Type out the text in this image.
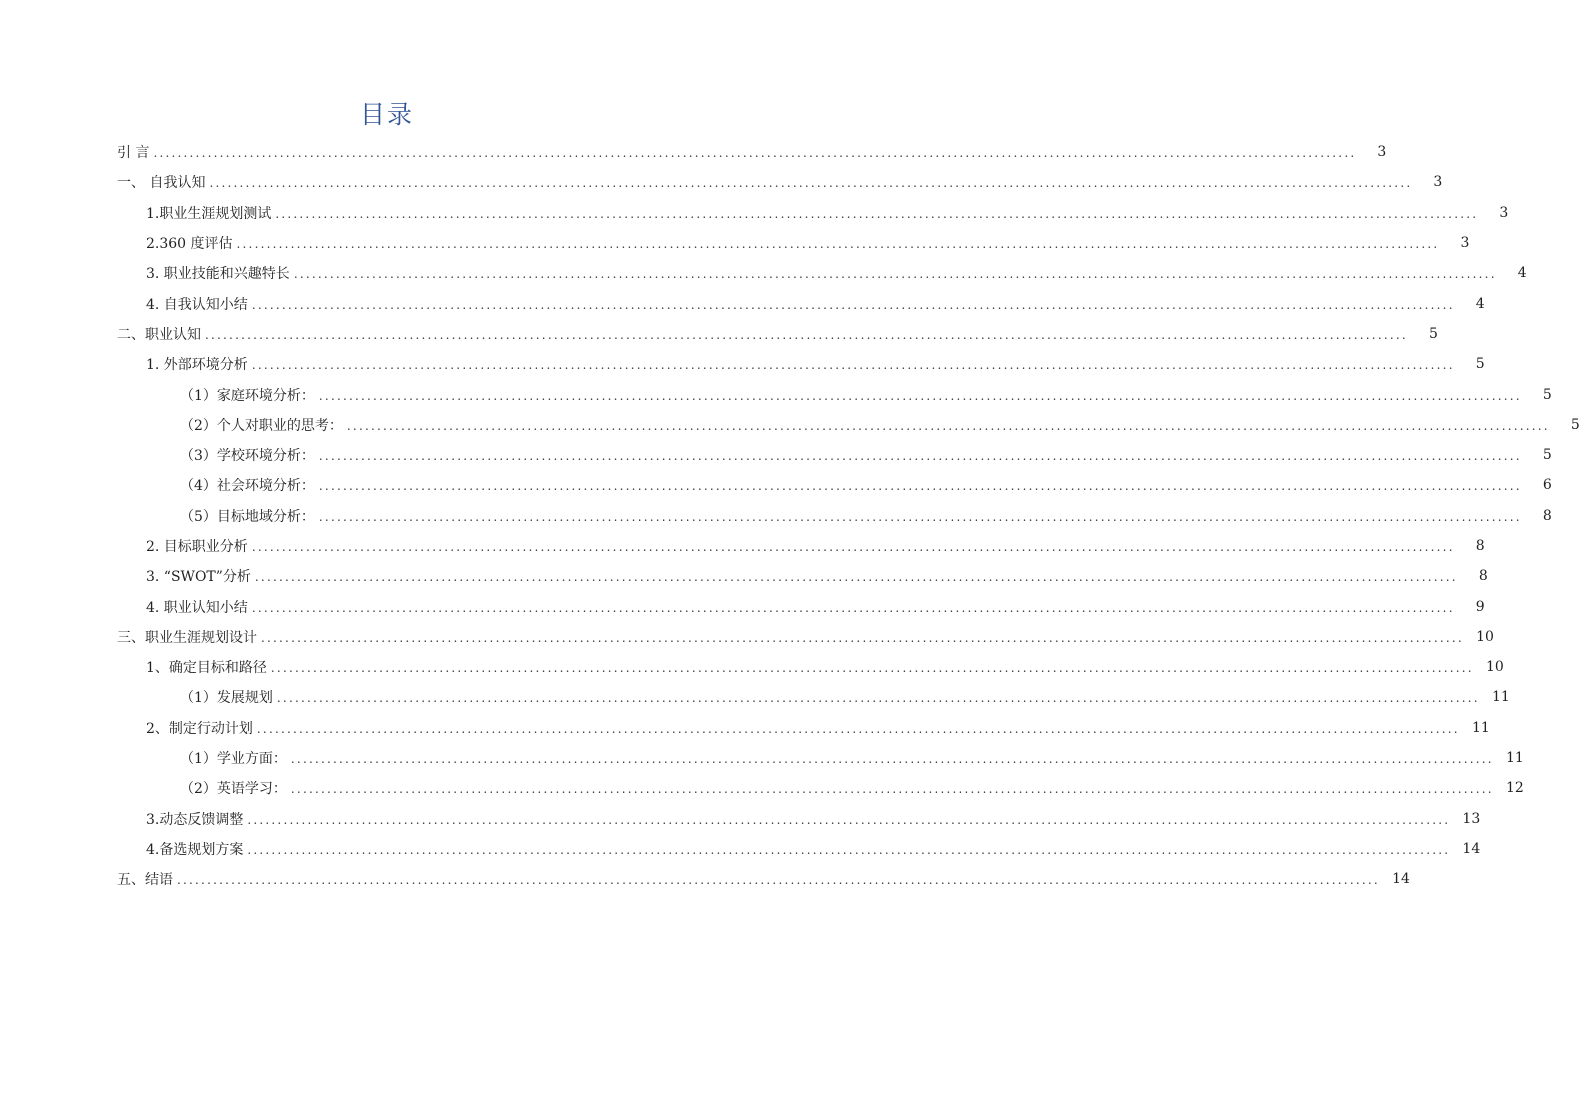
目录
引 言 ........................................................................................................................................................................................................	3
一、 自我认知 ........................................................................................................................................................................................................	3
1.职业生涯规划测试 ........................................................................................................................................................................................................	3
2.360 度评估 ........................................................................................................................................................................................................	3
3. 职业技能和兴趣特长 ........................................................................................................................................................................................................	4
4. 自我认知小结 ........................................................................................................................................................................................................	4
二、职业认知 ........................................................................................................................................................................................................	5
1. 外部环境分析 ........................................................................................................................................................................................................	5
（1）家庭环境分析： ........................................................................................................................................................................................................	5
（2）个人对职业的思考： ........................................................................................................................................................................................................	5
（3）学校环境分析： ........................................................................................................................................................................................................	5
（4）社会环境分析： ........................................................................................................................................................................................................	6
（5）目标地域分析： ........................................................................................................................................................................................................	8
2. 目标职业分析 ........................................................................................................................................................................................................	8
3. “SWOT”分析 ........................................................................................................................................................................................................	8
4. 职业认知小结 ........................................................................................................................................................................................................	9
三、职业生涯规划设计 ........................................................................................................................................................................................................ 10
1、确定目标和路径 ........................................................................................................................................................................................................ 10
（1）发展规划 ........................................................................................................................................................................................................ 11
2、制定行动计划 ........................................................................................................................................................................................................ 11
（1）学业方面： ........................................................................................................................................................................................................ 11
（2）英语学习： ........................................................................................................................................................................................................ 12
3.动态反馈调整 ........................................................................................................................................................................................................ 13
4.备选规划方案 ........................................................................................................................................................................................................ 14
五、结语 ........................................................................................................................................................................................................ 14
